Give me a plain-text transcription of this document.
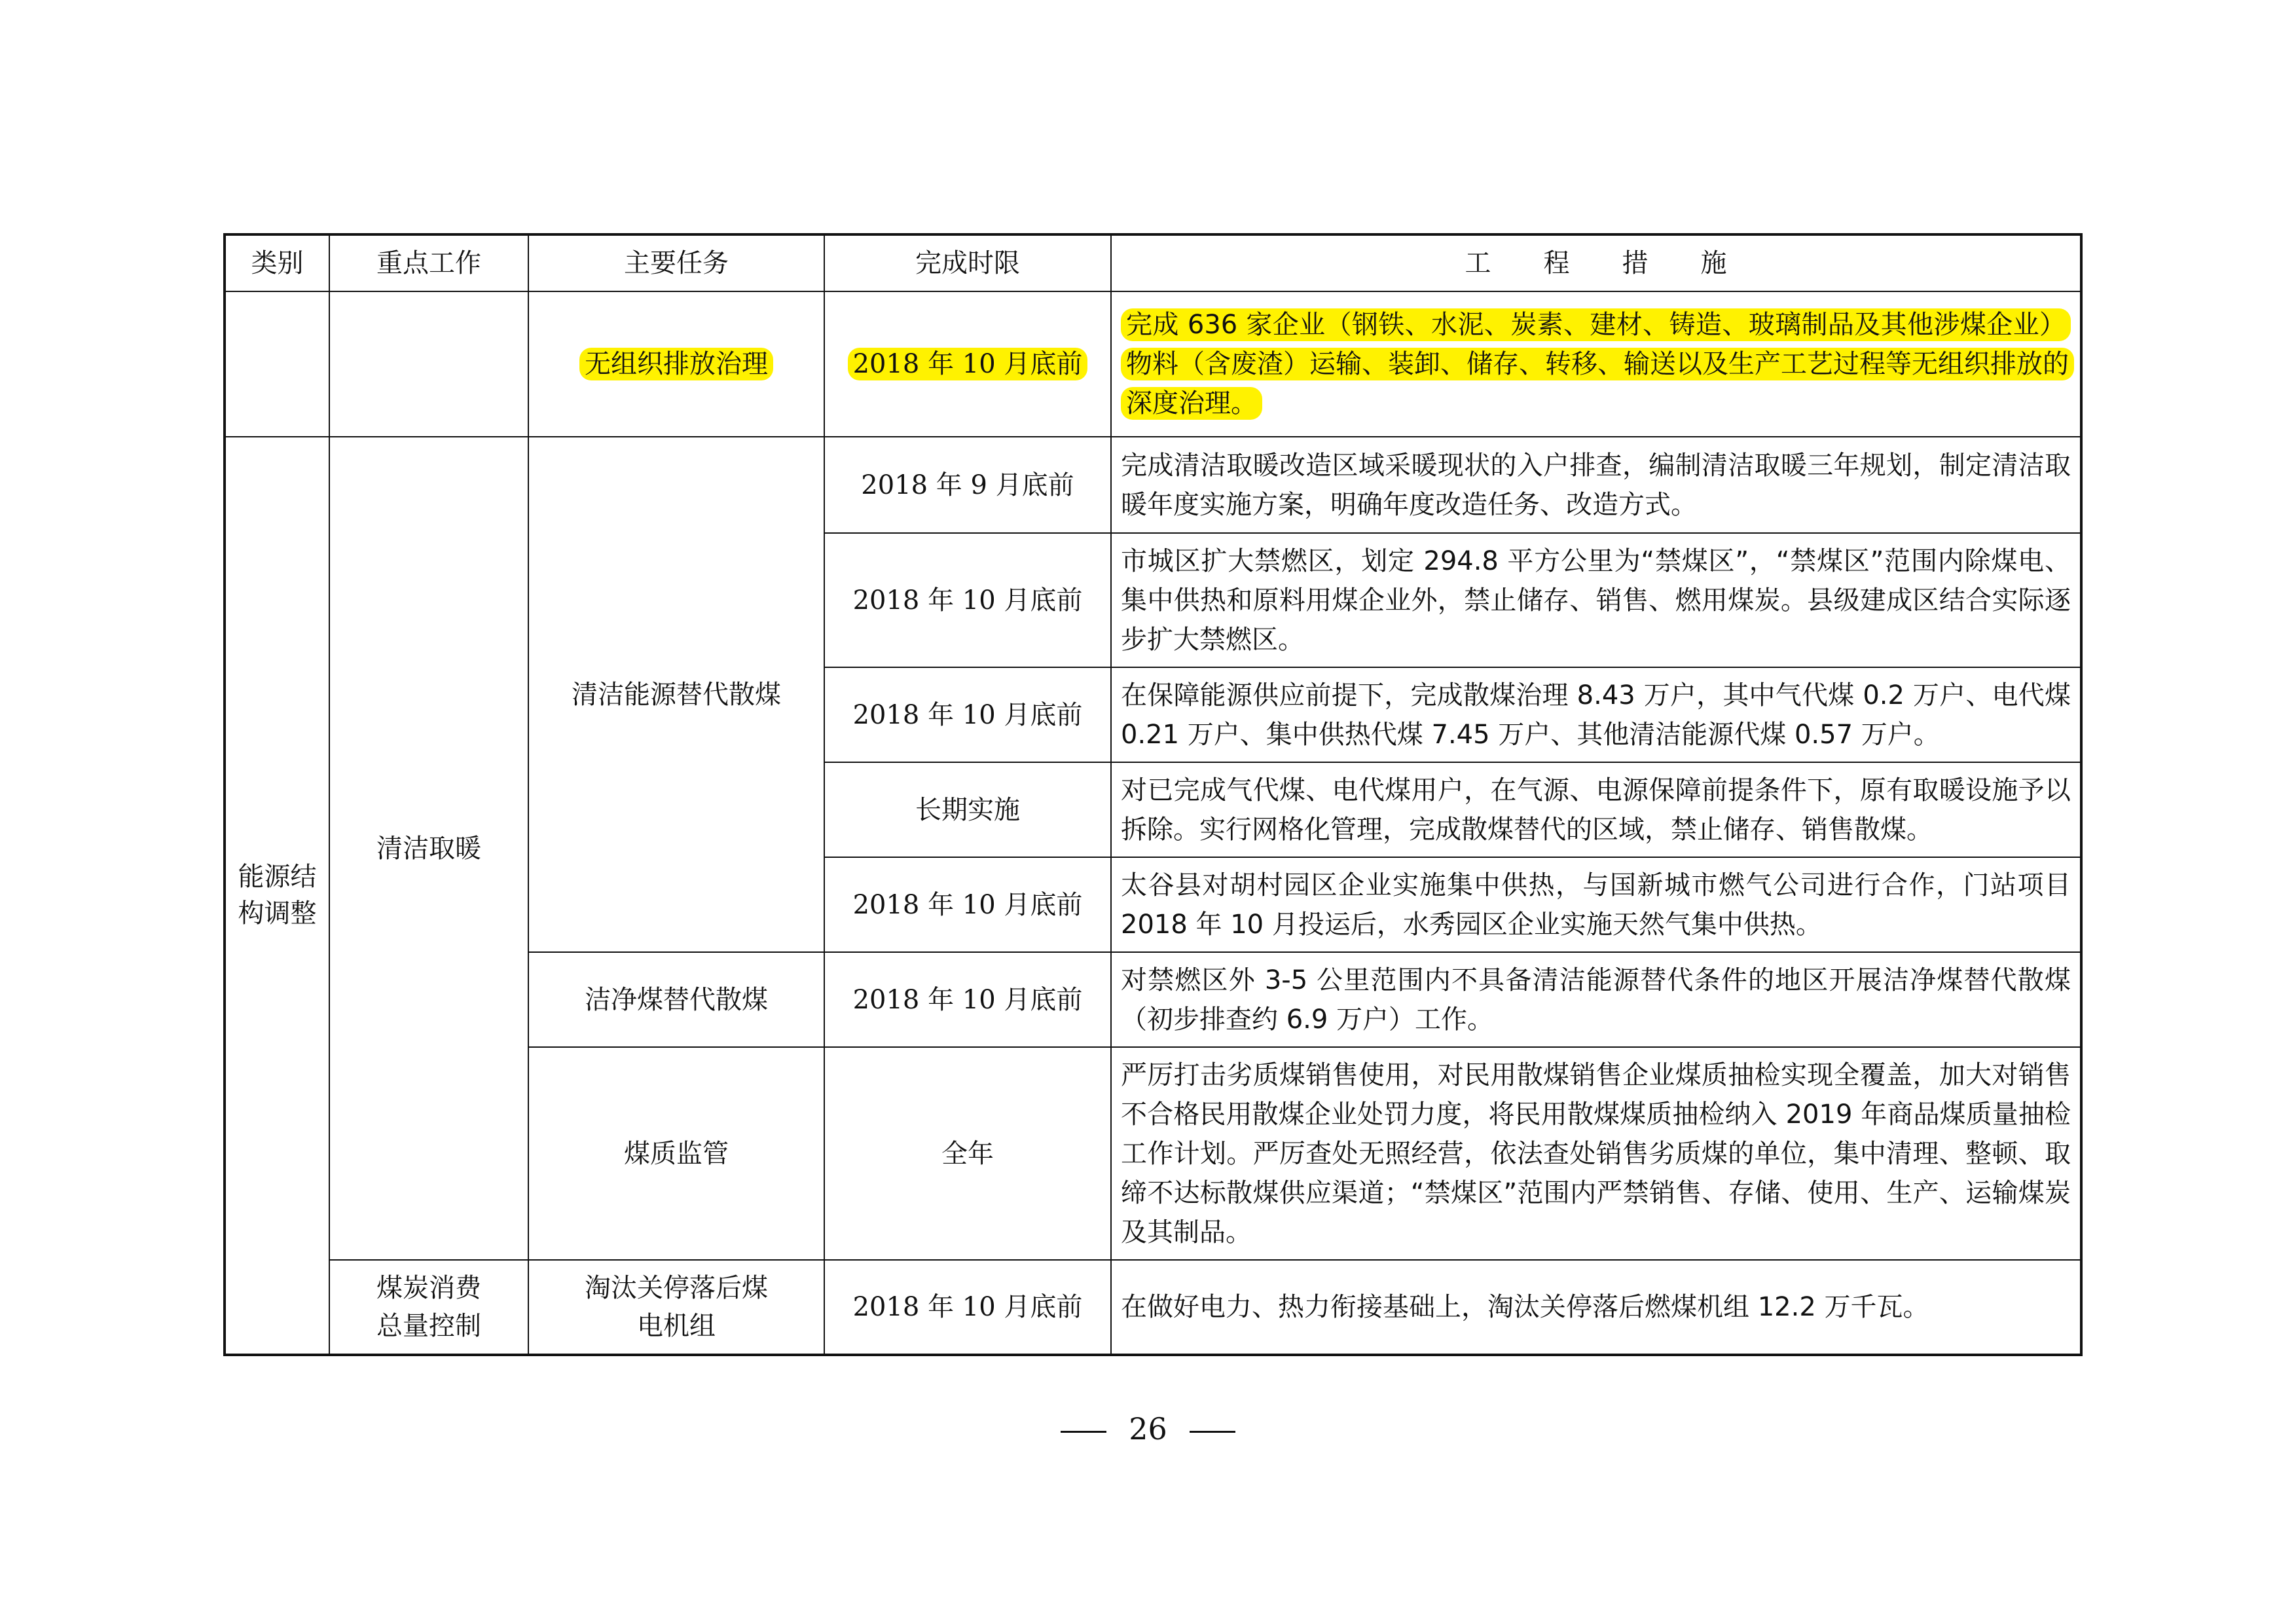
类别	重点工作	主要任务	完成时限	工　　程　　措　　施
		无组织排放治理	2018 年 10 月底前	完成 636 家企业（钢铁、水泥、炭素、建材、铸造、玻璃制品及其他涉煤企业）物料（含废渣）运输、装卸、储存、转移、输送以及生产工艺过程等无组织排放的深度治理。
能源结构调整	清洁取暖	清洁能源替代散煤	2018 年 9 月底前	完成清洁取暖改造区域采暖现状的入户排查，编制清洁取暖三年规划，制定清洁取暖年度实施方案，明确年度改造任务、改造方式。
			2018 年 10 月底前	市城区扩大禁燃区，划定 294.8 平方公里为“禁煤区”，“禁煤区”范围内除煤电、集中供热和原料用煤企业外，禁止储存、销售、燃用煤炭。县级建成区结合实际逐步扩大禁燃区。
			2018 年 10 月底前	在保障能源供应前提下，完成散煤治理 8.43 万户，其中气代煤 0.2 万户、电代煤 0.21 万户、集中供热代煤 7.45 万户、其他清洁能源代煤 0.57 万户。
			长期实施	对已完成气代煤、电代煤用户，在气源、电源保障前提条件下，原有取暖设施予以拆除。实行网格化管理，完成散煤替代的区域，禁止储存、销售散煤。
			2018 年 10 月底前	太谷县对胡村园区企业实施集中供热，与国新城市燃气公司进行合作，门站项目 2018 年 10 月投运后，水秀园区企业实施天然气集中供热。
		洁净煤替代散煤	2018 年 10 月底前	对禁燃区外 3-5 公里范围内不具备清洁能源替代条件的地区开展洁净煤替代散煤（初步排查约 6.9 万户）工作。
		煤质监管	全年	严厉打击劣质煤销售使用，对民用散煤销售企业煤质抽检实现全覆盖，加大对销售不合格民用散煤企业处罚力度，将民用散煤煤质抽检纳入 2019 年商品煤质量抽检工作计划。严厉查处无照经营，依法查处销售劣质煤的单位，集中清理、整顿、取缔不达标散煤供应渠道；“禁煤区”范围内严禁销售、存储、使用、生产、运输煤炭及其制品。
	煤炭消费总量控制	淘汰关停落后煤电机组	2018 年 10 月底前	在做好电力、热力衔接基础上，淘汰关停落后燃煤机组 12.2 万千瓦。
26
